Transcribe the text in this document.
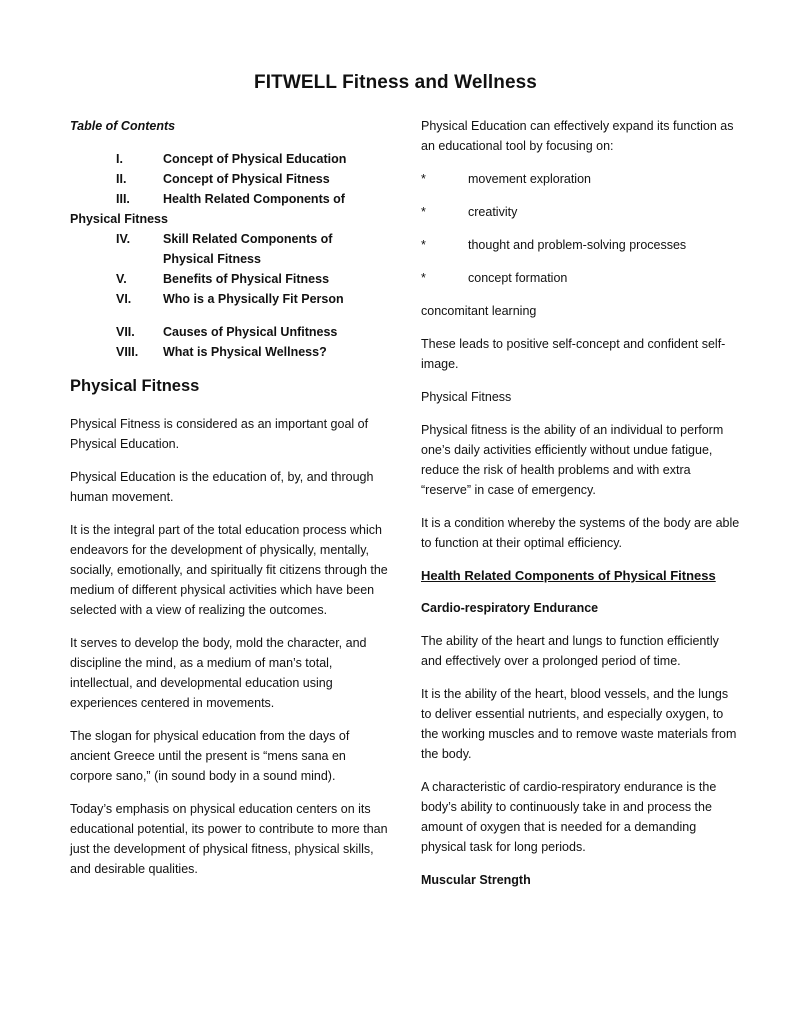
FITWELL Fitness and Wellness
Table of Contents
I.	Concept of Physical Education
II.	Concept of Physical Fitness
III.	Health Related Components of
Physical Fitness
IV.	Skill Related Components of
Physical Fitness
V.	Benefits of Physical Fitness
VI.	Who is a Physically Fit Person
VII.	Causes of Physical Unfitness
VIII.	What is Physical Wellness?
Physical Fitness

Physical Fitness is considered as an important goal of Physical Education.

Physical Education is the education of, by, and through human movement.

It is the integral part of the total education process which endeavors for the development of physically, mentally, socially, emotionally, and spiritually fit citizens through the medium of different physical activities which have been selected with a view of realizing the outcomes.

It serves to develop the body, mold the character, and discipline the mind, as a medium of man’s total, intellectual, and developmental education using experiences centered in movements.

The slogan for physical education from the days of ancient Greece until the present is “mens sana en corpore sano,” (in sound body in a sound mind).

Today’s emphasis on physical education centers on its educational potential, its power to contribute to more than just the development of physical fitness, physical skills, and desirable qualities.

Physical Education can effectively expand its function as an educational tool by focusing on:

*	movement exploration
*	creativity
*	thought and problem-solving processes
*	concept formation

concomitant learning

These leads to positive self-concept and confident self-image.

Physical Fitness

Physical fitness is the ability of an individual to perform one’s daily activities efficiently without undue fatigue, reduce the risk of health problems and with extra “reserve” in case of emergency.

It is a condition whereby the systems of the body are able to function at their optimal efficiency.

Health Related Components of Physical Fitness
Cardio-respiratory Endurance

The ability of the heart and lungs to function efficiently and effectively over a prolonged period of time.

It is the ability of the heart, blood vessels, and the lungs to deliver essential nutrients, and especially oxygen, to the working muscles and to remove waste materials from the body.

A characteristic of cardio-respiratory endurance is the body’s ability to continuously take in and process the amount of oxygen that is needed for a demanding physical task for long periods.

Muscular Strength
